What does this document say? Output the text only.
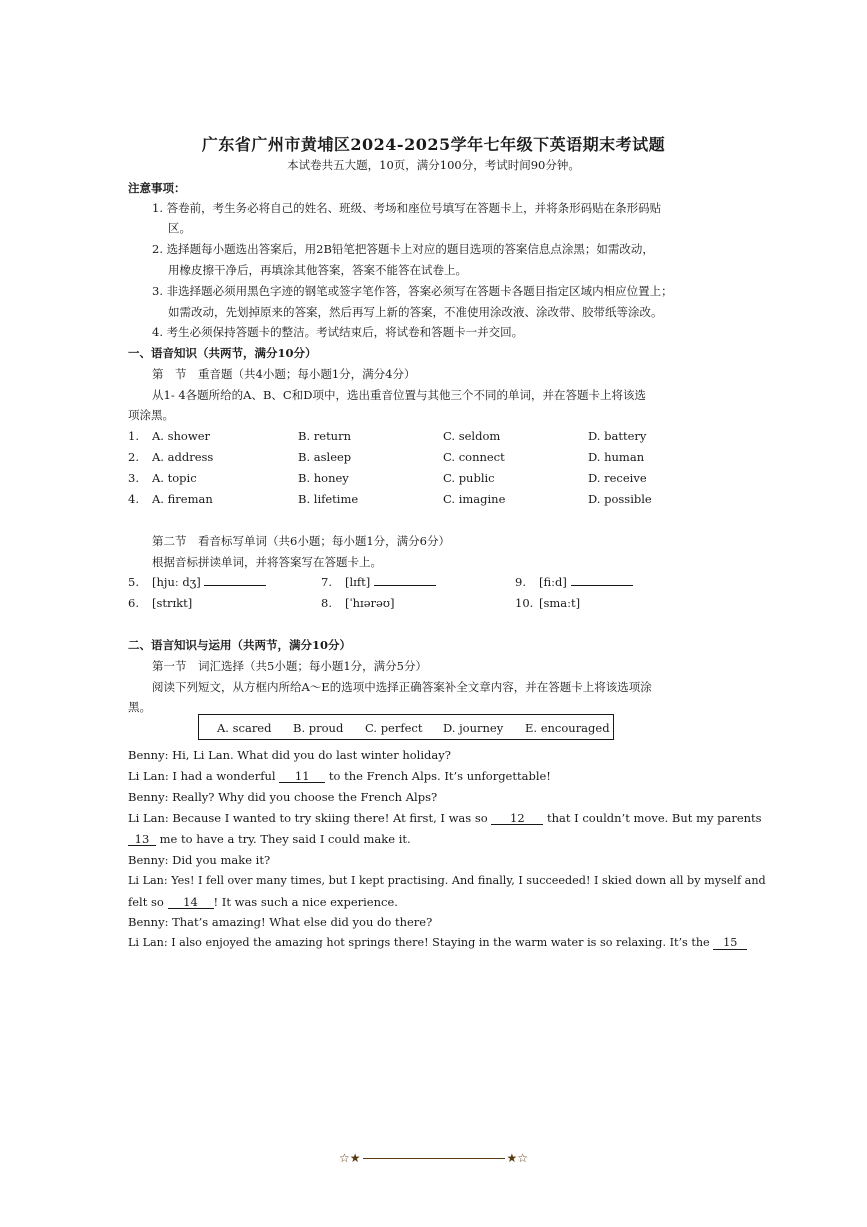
广东省广州市黄埔区2024-2025学年七年级下英语期末考试题
本试卷共五大题，10页，满分100分，考试时间90分钟。
注意事项：
1. 答卷前，考生务必将自己的姓名、班级、考场和座位号填写在答题卡上，并将条形码贴在条形码贴
区。
2. 选择题每小题选出答案后，用2B铅笔把答题卡上对应的题目选项的答案信息点涂黑；如需改动，
用橡皮擦干净后，再填涂其他答案，答案不能答在试卷上。
3. 非选择题必须用黑色字迹的钢笔或签字笔作答，答案必须写在答题卡各题目指定区域内相应位置上；
如需改动，先划掉原来的答案，然后再写上新的答案，不准使用涂改液、涂改带、胶带纸等涂改。
4. 考生必须保持答题卡的整洁。考试结束后，将试卷和答题卡一并交回。
一、语音知识（共两节，满分10分）
第　节　重音题（共4小题；每小题1分，满分4分）
从1- 4各题所给的A、B、C和D项中，选出重音位置与其他三个不同的单词，并在答题卡上将该选
项涂黑。
1. A. shower	B. return	C. seldom	D. battery
2. A. address	B. asleep	C. connect	D. human
3. A. topic	B. honey	C. public	D. receive
4. A. fireman	B. lifetime	C. imagine	D. possible
第二节　看音标写单词（共6小题；每小题1分，满分6分）
根据音标拼读单词，并将答案写在答题卡上。
5. [hjuː dʒ]	7. [lɪft]	9. [fiːd]
6. [strɪkt]	8. [ˈhɪərəʊ]	10. [smaːt]
二、语言知识与运用（共两节，满分10分）
第一节　词汇选择（共5小题；每小题1分，满分5分）
阅读下列短文，从方框内所给A～E的选项中选择正确答案补全文章内容，并在答题卡上将该选项涂
黑。
A. scared B. proud C. perfect D. journey E. encouraged
Benny: Hi, Li Lan. What did you do last winter holiday?
Li Lan: I had a wonderful 11 to the French Alps. It’s unforgettable!
Benny: Really? Why did you choose the French Alps?
Li Lan: Because I wanted to try skiing there! At first, I was so 12 that I couldn’t move. But my parents
13 me to have a try. They said I could make it.
Benny: Did you make it?
Li Lan: Yes! I fell over many times, but I kept practising. And finally, I succeeded! I skied down all by myself and
felt so 14 ! It was such a nice experience.
Benny: That’s amazing! What else did you do there?
Li Lan: I also enjoyed the amazing hot springs there! Staying in the warm water is so relaxing. It’s the 15
☆★	★☆
